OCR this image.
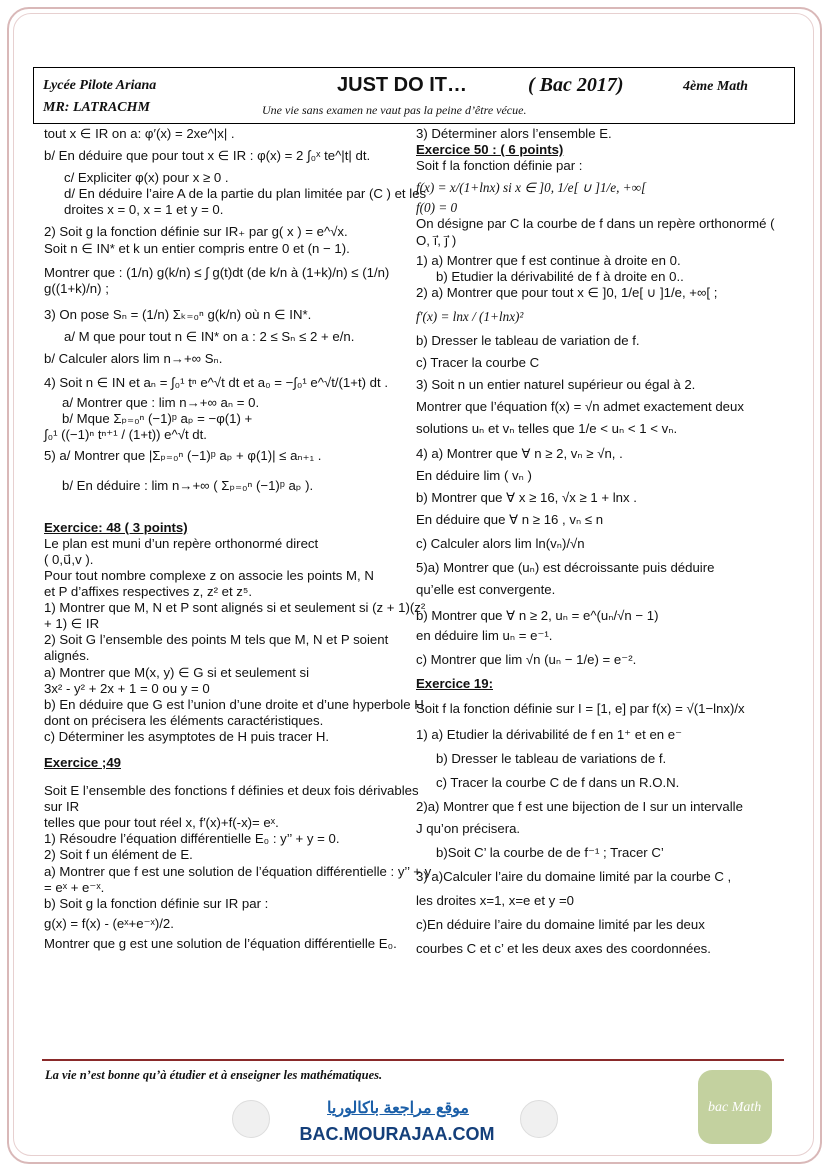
Lycée Pilote Ariana
MR: LATRACHM
JUST DO IT…	( Bac 2017)	4ème Math
Une vie sans examen ne vaut pas la peine d’être vécue.

tout x ∈ IR on a: φ′(x) = 2xe^|x| .

b/ En déduire que pour tout x ∈ IR : φ(x) = 2 ∫₀ˣ te^|t| dt.

c/ Expliciter φ(x) pour x ≥ 0 .

d/ En déduire l’aire A de la partie du plan limitée par (C ) et les droites x = 0, x = 1 et y = 0.

2) Soit g la fonction définie sur IR₊ par g( x ) = e^√x.

Soit n ∈ IN* et k un entier compris entre 0 et (n − 1).

Montrer que : (1/n) g(k/n) ≤ ∫ g(t)dt (de k/n à (1+k)/n) ≤ (1/n) g((1+k)/n) ;

3) On pose Sₙ = (1/n) Σₖ₌₀ⁿ g(k/n) où n ∈ IN*.

a/ M que pour tout n ∈ IN* on a : 2 ≤ Sₙ ≤ 2 + e/n.

b/ Calculer alors lim n→+∞ Sₙ.

4) Soit n ∈ IN et aₙ = ∫₀¹ tⁿ e^√t dt et a₀ = −∫₀¹ e^√t/(1+t) dt .

a/ Montrer que : lim n→+∞ aₙ = 0.

b/ Mque Σₚ₌₀ⁿ (−1)ᵖ aₚ = −φ(1) +

∫₀¹ ((−1)ⁿ tⁿ⁺¹ / (1+t)) e^√t dt.

5) a/ Montrer que |Σₚ₌₀ⁿ (−1)ᵖ aₚ + φ(1)| ≤ aₙ₊₁ .

b/ En déduire : lim n→+∞ ( Σₚ₌₀ⁿ (−1)ᵖ aₚ ).

Exercice: 48 ( 3 points)

Le plan est muni d’un repère orthonormé direct

( 0,u⃗,v ).

Pour tout nombre complexe z on associe les points M, N

et P d’affixes respectives z, z² et z⁵.

1) Montrer que M, N et P sont alignés si et seulement si (z + 1)(z² + 1) ∈ IR

2) Soit G l’ensemble des points M tels que M, N et P soient alignés.

a) Montrer que M(x, y) ∈ G si et seulement si

3x² - y² + 2x + 1 = 0 ou y = 0

b) En déduire que G est l’union d’une droite et d’une hyperbole H dont on précisera les éléments caractéristiques.

c) Déterminer les asymptotes de H puis tracer H.

Exercice ;49

Soit E l’ensemble des fonctions f définies et deux fois dérivables sur IR

telles que pour tout réel x, f′(x)+f(-x)= eˣ.

1) Résoudre l’équation différentielle E₀ : y’’ + y = 0.

2) Soit f un élément de E.

a) Montrer que f est une solution de l’équation différentielle : y’’ + y = eˣ + e⁻ˣ.

b) Soit g la fonction définie sur IR par :

g(x) = f(x) - (eˣ+e⁻ˣ)/2.

Montrer que g est une solution de l’équation différentielle E₀.

3) Déterminer alors l’ensemble E.

Exercice 50 : ( 6 points)

Soit f la fonction définie par :

f(x) = x/(1+lnx) si x ∈ ]0, 1/e[ ∪ ]1/e, +∞[

f(0) = 0

On désigne par C la courbe de f dans un repère orthonormé ( O, i⃗, j⃗ )

1) a) Montrer que f est continue à droite en 0.

b) Etudier la dérivabilité de f à droite en 0..

2) a) Montrer que pour tout x ∈ ]0, 1/e[ ∪ ]1/e, +∞[ ;

f′(x) = lnx / (1+lnx)²

b) Dresser le tableau de variation de f.

c) Tracer la courbe C

3) Soit n un entier naturel supérieur ou égal à 2.

Montrer que l’équation f(x) = √n admet exactement deux

solutions uₙ et vₙ telles que 1/e < uₙ < 1 < vₙ.

4) a) Montrer que ∀ n ≥ 2, vₙ ≥ √n, .

En déduire lim ( vₙ )

b) Montrer que ∀ x ≥ 16, √x ≥ 1 + lnx .

En déduire que ∀ n ≥ 16 , vₙ ≤ n

c) Calculer alors lim ln(vₙ)/√n

5)a) Montrer que (uₙ) est décroissante puis déduire

qu’elle est convergente.

b) Montrer que ∀ n ≥ 2, uₙ = e^(uₙ/√n − 1)

en déduire lim uₙ = e⁻¹.

c) Montrer que lim √n (uₙ − 1/e) = e⁻².

Exercice 19:

Soit f la fonction définie sur I = [1, e] par f(x) = √(1−lnx)/x

1) a) Etudier la dérivabilité de f en 1⁺ et en e⁻

b) Dresser le tableau de variations de f.

c) Tracer la courbe C de f dans un R.O.N.

2)a) Montrer que f est une bijection de I sur un intervalle

J qu’on précisera.

b)Soit C’ la courbe de de f⁻¹ ; Tracer C’

3) a)Calculer l’aire du domaine limité par la courbe C ,

les droites x=1, x=e et y =0

c)En déduire l’aire du domaine limité par les deux

courbes C et c’ et les deux axes des coordonnées.

La vie n’est bonne qu’à étudier et à enseigner les mathématiques.
موقع مراجعة باكالوريا
BAC.MOURAJAA.COM
bac Math
